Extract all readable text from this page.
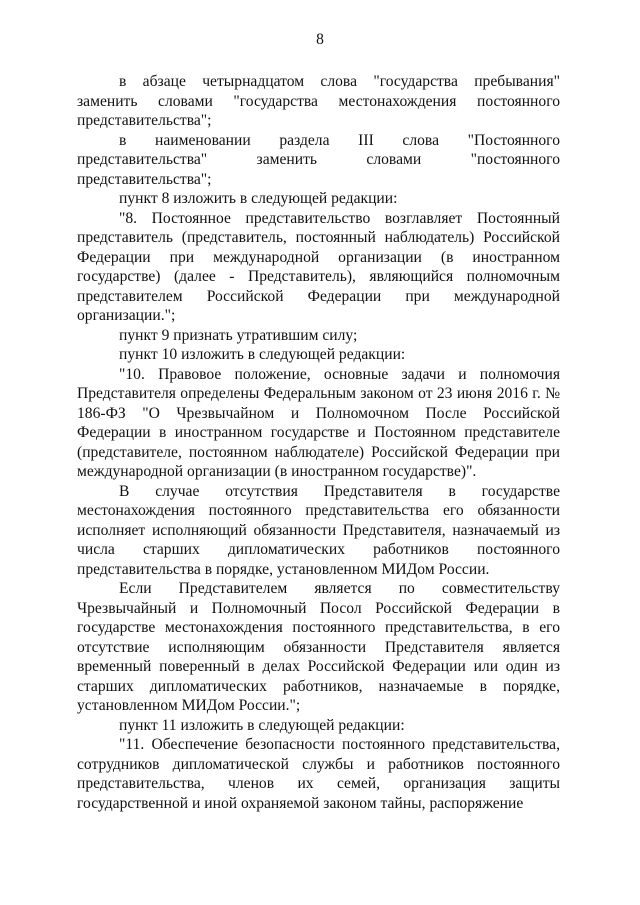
8

в абзаце четырнадцатом слова "государства пребывания" заменить словами "государства местонахождения постоянного представительства";

в наименовании раздела III слова "Постоянного представительства" заменить словами "постоянного представительства";

пункт 8 изложить в следующей редакции:

"8. Постоянное представительство возглавляет Постоянный представитель (представитель, постоянный наблюдатель) Российской Федерации при международной организации (в иностранном государстве) (далее - Представитель), являющийся полномочным представителем Российской Федерации при международной организации.";

пункт 9 признать утратившим силу;

пункт 10 изложить в следующей редакции:

"10. Правовое положение, основные задачи и полномочия Представителя определены Федеральным законом от 23 июня 2016 г. № 186-ФЗ "О Чрезвычайном и Полномочном После Российской Федерации в иностранном государстве и Постоянном представителе (представителе, постоянном наблюдателе) Российской Федерации при международной организации (в иностранном государстве)".

В случае отсутствия Представителя в государстве местонахождения постоянного представительства его обязанности исполняет исполняющий обязанности Представителя, назначаемый из числа старших дипломатических работников постоянного представительства в порядке, установленном МИДом России.

Если Представителем является по совместительству Чрезвычайный и Полномочный Посол Российской Федерации в государстве местонахождения постоянного представительства, в его отсутствие исполняющим обязанности Представителя является временный поверенный в делах Российской Федерации или один из старших дипломатических работников, назначаемые в порядке, установленном МИДом России.";

пункт 11 изложить в следующей редакции:

"11. Обеспечение безопасности постоянного представительства, сотрудников дипломатической службы и работников постоянного представительства, членов их семей, организация защиты государственной и иной охраняемой законом тайны, распоряжение
